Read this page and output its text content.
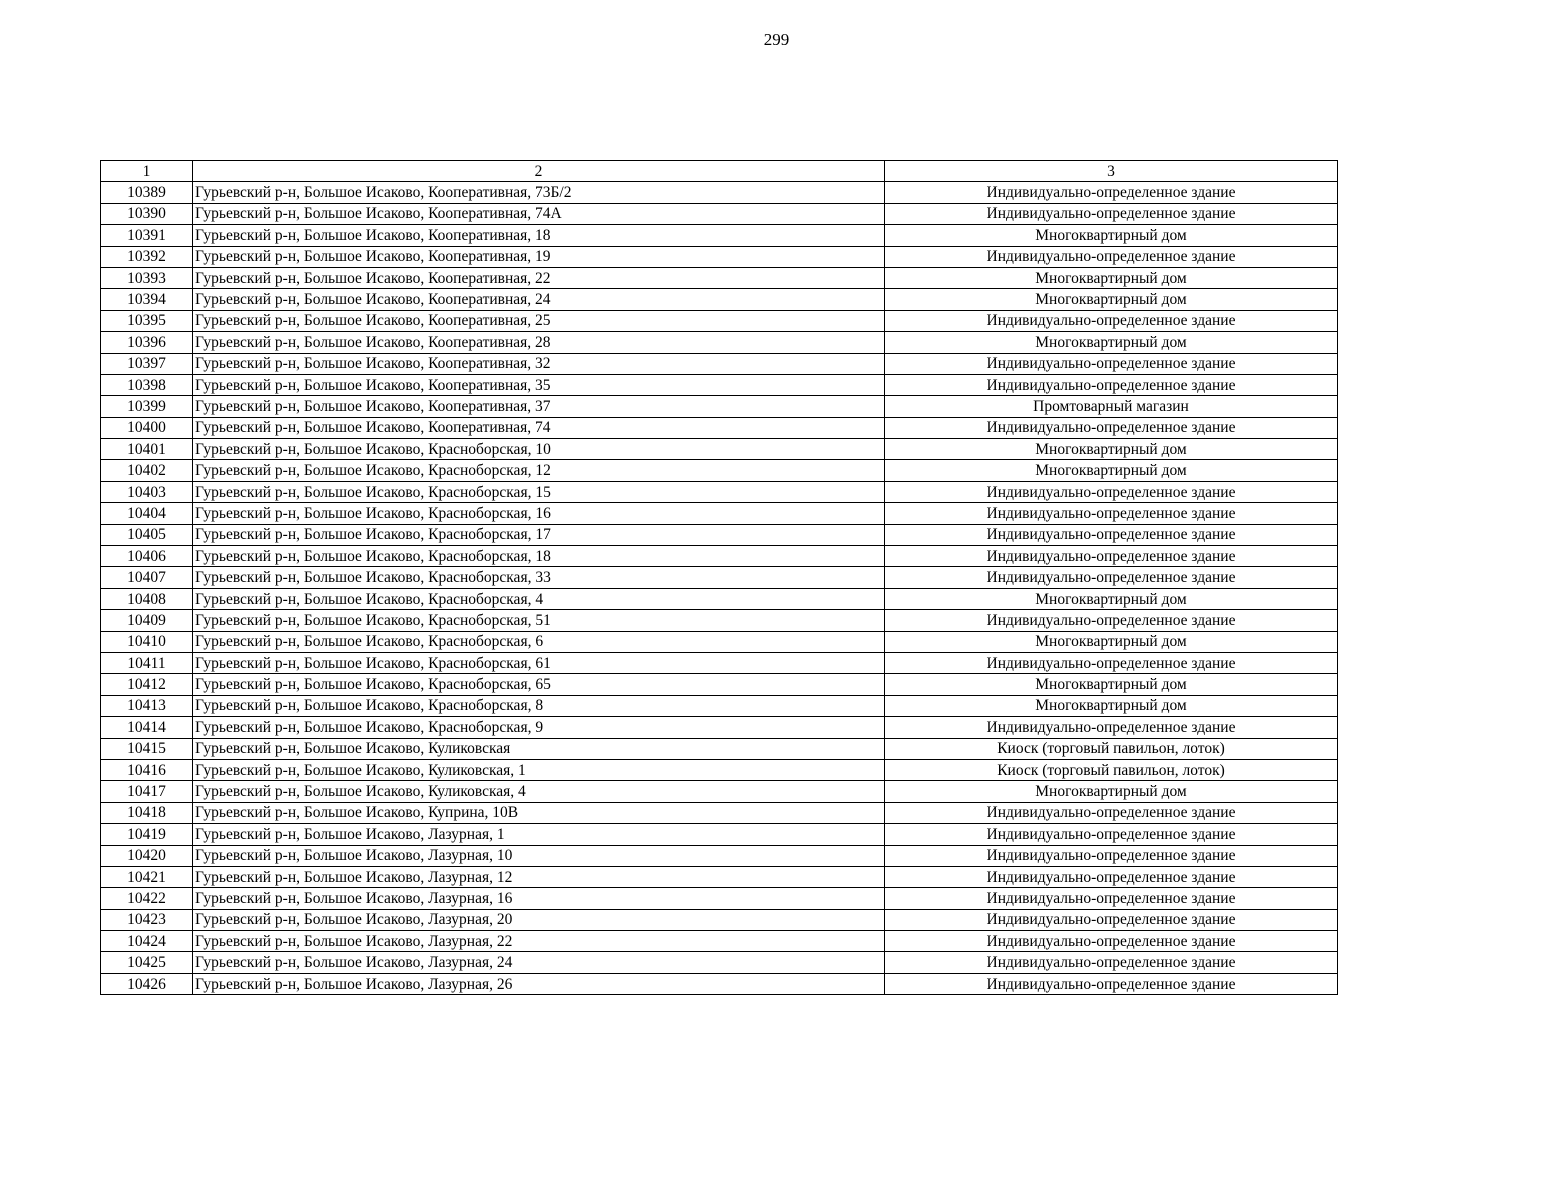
299
1	2	3
10389	Гурьевский р-н, Большое Исаково, Кооперативная, 73Б/2	Индивидуально-определенное здание
10390	Гурьевский р-н, Большое Исаково, Кооперативная, 74А	Индивидуально-определенное здание
10391	Гурьевский р-н, Большое Исаково, Кооперативная, 18	Многоквартирный дом
10392	Гурьевский р-н, Большое Исаково, Кооперативная, 19	Индивидуально-определенное здание
10393	Гурьевский р-н, Большое Исаково, Кооперативная, 22	Многоквартирный дом
10394	Гурьевский р-н, Большое Исаково, Кооперативная, 24	Многоквартирный дом
10395	Гурьевский р-н, Большое Исаково, Кооперативная, 25	Индивидуально-определенное здание
10396	Гурьевский р-н, Большое Исаково, Кооперативная, 28	Многоквартирный дом
10397	Гурьевский р-н, Большое Исаково, Кооперативная, 32	Индивидуально-определенное здание
10398	Гурьевский р-н, Большое Исаково, Кооперативная, 35	Индивидуально-определенное здание
10399	Гурьевский р-н, Большое Исаково, Кооперативная, 37	Промтоварный магазин
10400	Гурьевский р-н, Большое Исаково, Кооперативная, 74	Индивидуально-определенное здание
10401	Гурьевский р-н, Большое Исаково, Красноборская, 10	Многоквартирный дом
10402	Гурьевский р-н, Большое Исаково, Красноборская, 12	Многоквартирный дом
10403	Гурьевский р-н, Большое Исаково, Красноборская, 15	Индивидуально-определенное здание
10404	Гурьевский р-н, Большое Исаково, Красноборская, 16	Индивидуально-определенное здание
10405	Гурьевский р-н, Большое Исаково, Красноборская, 17	Индивидуально-определенное здание
10406	Гурьевский р-н, Большое Исаково, Красноборская, 18	Индивидуально-определенное здание
10407	Гурьевский р-н, Большое Исаково, Красноборская, 33	Индивидуально-определенное здание
10408	Гурьевский р-н, Большое Исаково, Красноборская, 4	Многоквартирный дом
10409	Гурьевский р-н, Большое Исаково, Красноборская, 51	Индивидуально-определенное здание
10410	Гурьевский р-н, Большое Исаково, Красноборская, 6	Многоквартирный дом
10411	Гурьевский р-н, Большое Исаково, Красноборская, 61	Индивидуально-определенное здание
10412	Гурьевский р-н, Большое Исаково, Красноборская, 65	Многоквартирный дом
10413	Гурьевский р-н, Большое Исаково, Красноборская, 8	Многоквартирный дом
10414	Гурьевский р-н, Большое Исаково, Красноборская, 9	Индивидуально-определенное здание
10415	Гурьевский р-н, Большое Исаково, Куликовская	Киоск (торговый павильон, лоток)
10416	Гурьевский р-н, Большое Исаково, Куликовская, 1	Киоск (торговый павильон, лоток)
10417	Гурьевский р-н, Большое Исаково, Куликовская, 4	Многоквартирный дом
10418	Гурьевский р-н, Большое Исаково, Куприна, 10В	Индивидуально-определенное здание
10419	Гурьевский р-н, Большое Исаково, Лазурная, 1	Индивидуально-определенное здание
10420	Гурьевский р-н, Большое Исаково, Лазурная, 10	Индивидуально-определенное здание
10421	Гурьевский р-н, Большое Исаково, Лазурная, 12	Индивидуально-определенное здание
10422	Гурьевский р-н, Большое Исаково, Лазурная, 16	Индивидуально-определенное здание
10423	Гурьевский р-н, Большое Исаково, Лазурная, 20	Индивидуально-определенное здание
10424	Гурьевский р-н, Большое Исаково, Лазурная, 22	Индивидуально-определенное здание
10425	Гурьевский р-н, Большое Исаково, Лазурная, 24	Индивидуально-определенное здание
10426	Гурьевский р-н, Большое Исаково, Лазурная, 26	Индивидуально-определенное здание
